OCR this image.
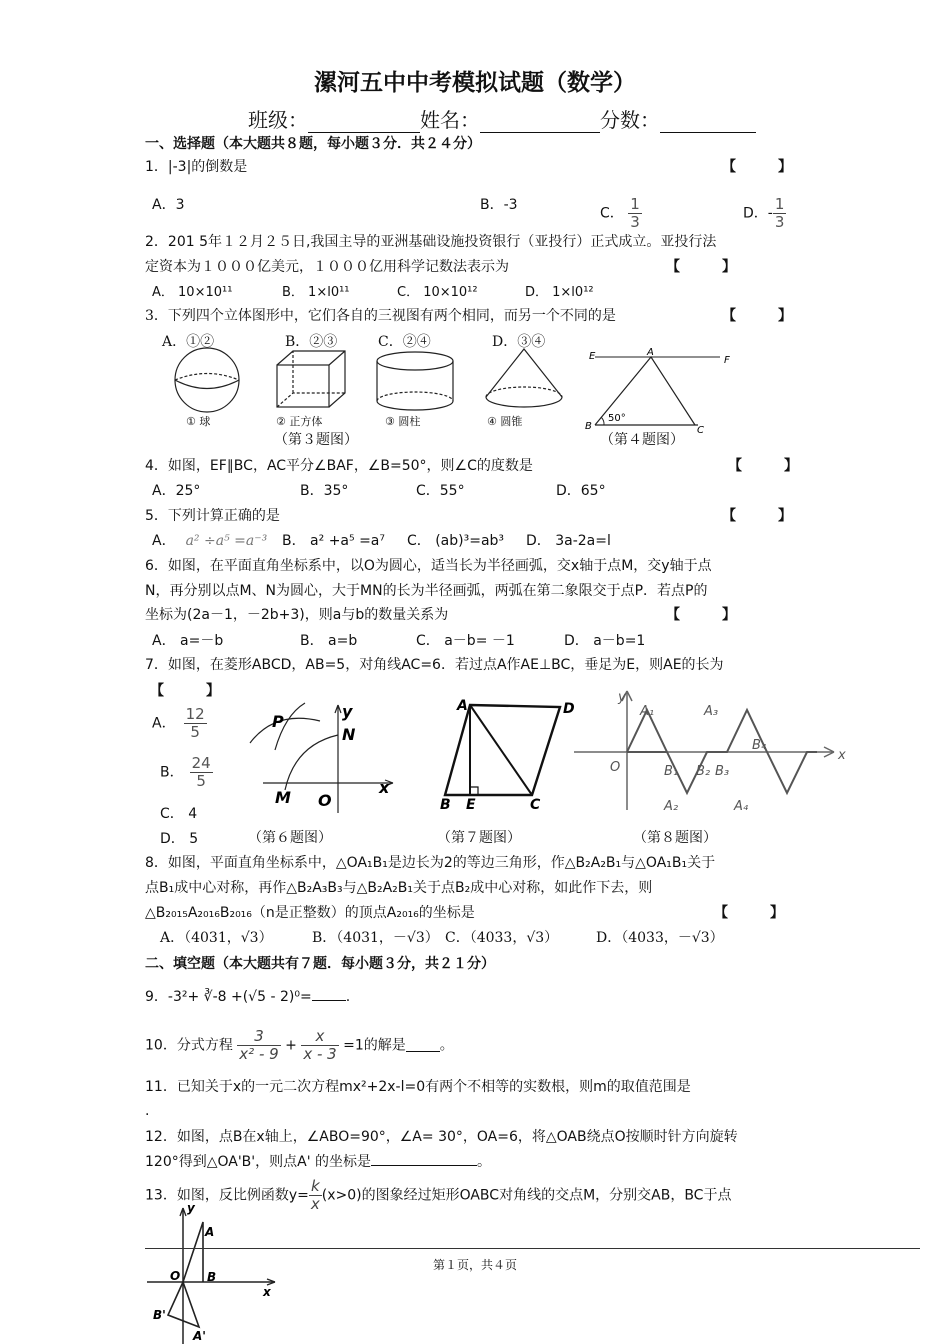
漯河五中中考模拟试题（数学）
班级：	姓名：	分数：
一、选择题（本大题共８题，每小题３分．共２４分）
1．|-3|的倒数是	【　　　】
A．3	B．-3
C． $\frac{1}{3}$	D．- $\frac{1}{3}$
2．201 5年１２月２５日,我国主导的亚洲基础设施投资银行（亚投行）正式成立。亚投行法
定资本为１０００亿美元，１０００亿用科学记数法表示为	【　　　】
A． 10×10¹¹	B． 1×l0¹¹	C． 10×10¹²	D． 1×l0¹²
3．下列四个立体图形中，它们各自的三视图有两个相同，而另一个不同的是	【　　　】
A．①②	B．②③	C．②④	D．③④
① 球	② 正方体	③ 圆柱	④ 圆锥
（第３题图）
E	A
F
B	C
50°
（第４题图）
4．如图，EF∥BC，AC平分∠BAF，∠B=50°，则∠C的度数是	【　　　】
A．25°	B．35°	C．55°	D．65°
5．下列计算正确的是	【　　　】
A． a² ÷a⁵ =a⁻³ B． a² +a⁵ =a⁷ C． (ab)³=ab³ D． 3a-2a=l
6．如图，在平面直角坐标系中，以O为圆心，适当长为半径画弧，交x轴于点M，交y轴于点
N，再分别以点M、N为圆心，大于MN的长为半径画弧，两弧在第二象限交于点P．若点P的
坐标为(2a－1，－2b+3)，则a与b的数量关系为	【　　　】
A． a=－b	B． a=b	C． a－b= －1	D． a－b=1
7．如图，在菱形ABCD，AB=5，对角线AC=6．若过点A作AE⊥BC，垂足为E，则AE的长为
【　　　】
A． $\frac{12}{5}$
B． $\frac{24}{5}$
C． 4
D． 5
P
N
y
x
M O
（第６题图）
A	D
B E	C
（第７题图）
y
x
O
A₁
B₁
A₂
A₃
B₂ B₃
A₄
B₄
（第８题图）
8．如图，平面直角坐标系中，△OA₁B₁是边长为2的等边三角形，作△B₂A₂B₁与△OA₁B₁关于
点B₁成中心对称，再作△B₂A₃B₃与△B₂A₂B₁关于点B₂成中心对称，如此作下去，则
△B₂₀₁₅A₂₀₁₆B₂₀₁₆（n是正整数）的顶点A₂₀₁₆的坐标是	【　　　】
A．（4031，√3）	B．（4031，－√3） C．（4033，√3）	D．（4033，－√3）
二、填空题（本大题共有７题．每小题３分，共２１分）
9．-3²+ ∛-8 +(√5 - 2)⁰= .
10．分式方程 $\frac{3}{\text{x² - 9}} + \frac{x}{x - 3} =1$的解是 。
11．已知关于x的一元二次方程mx²+2x-l=0有两个不相等的实数根，则m的取值范围是
.
12．如图，点B在x轴上，∠ABO=90°，∠A= 30°，OA=6，将△OAB绕点O按顺时针方向旋转
120°得到△OA'B'，则点A' 的坐标是	。
13．如图，反比例函数$y= \frac{k}{x} (x>0)$的图象经过矩形OABC对角线的交点M，分别交AB，BC于点
y
A
O B
x
B'
A'
第１页，共４页
